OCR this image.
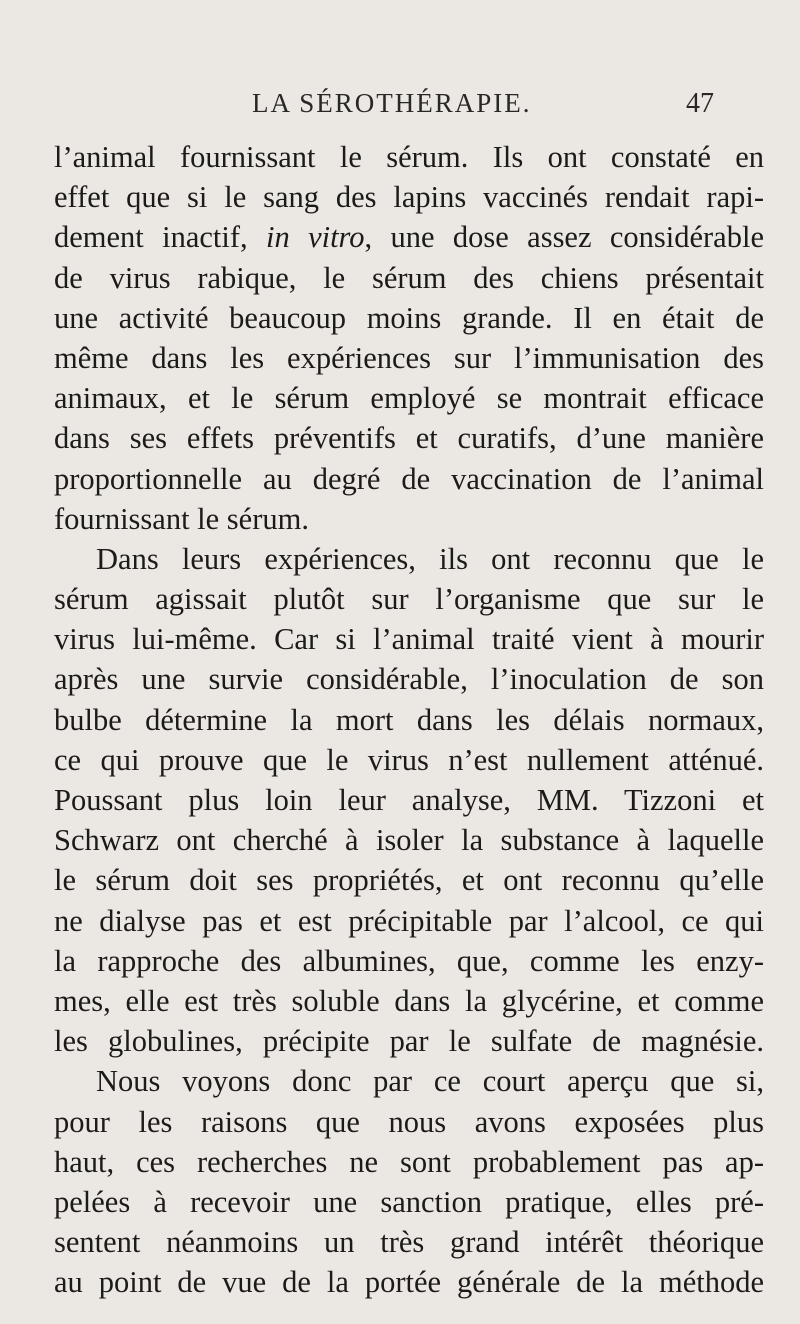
LA SÉROTHÉRAPIE.	47
l’animal fournissant le sérum. Ils ont constaté en
effet que si le sang des lapins vaccinés rendait rapi-
dement inactif, in vitro, une dose assez considérable
de virus rabique, le sérum des chiens présentait
une activité beaucoup moins grande. Il en était de
même dans les expériences sur l’immunisation des
animaux, et le sérum employé se montrait efficace
dans ses effets préventifs et curatifs, d’une manière
proportionnelle au degré de vaccination de l’animal
fournissant le sérum.
Dans leurs expériences, ils ont reconnu que le
sérum agissait plutôt sur l’organisme que sur le
virus lui-même. Car si l’animal traité vient à mourir
après une survie considérable, l’inoculation de son
bulbe détermine la mort dans les délais normaux,
ce qui prouve que le virus n’est nullement atténué.
Poussant plus loin leur analyse, MM. Tizzoni et
Schwarz ont cherché à isoler la substance à laquelle
le sérum doit ses propriétés, et ont reconnu qu’elle
ne dialyse pas et est précipitable par l’alcool, ce qui
la rapproche des albumines, que, comme les enzy-
mes, elle est très soluble dans la glycérine, et comme
les globulines, précipite par le sulfate de magnésie.
Nous voyons donc par ce court aperçu que si,
pour les raisons que nous avons exposées plus
haut, ces recherches ne sont probablement pas ap-
pelées à recevoir une sanction pratique, elles pré-
sentent néanmoins un très grand intérêt théorique
au point de vue de la portée générale de la méthode
